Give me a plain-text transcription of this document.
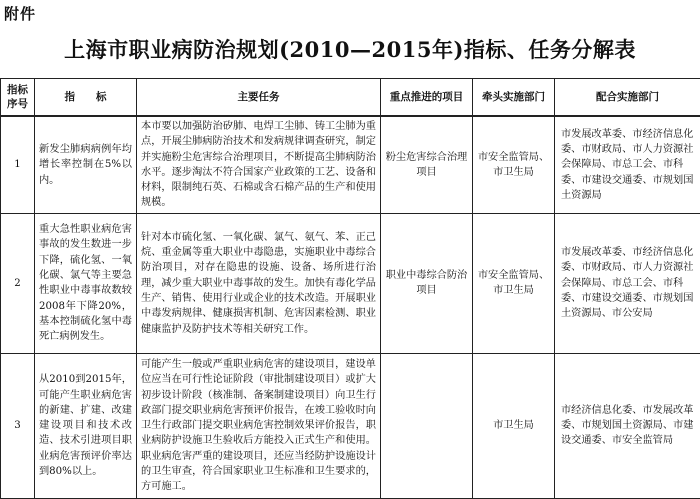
附件
上海市职业病防治规划(2010—2015年)指标、任务分解表
指标
序号	指　　标	主要任务	重点推进的项目	牵头实施部门	配合实施部门
1	新发尘肺病病例年均增长率控制在5%以内。	本市要以加强防治矽肺、电焊工尘肺、铸工尘肺为重点，开展尘肺病防治技术和发病规律调查研究，制定并实施粉尘危害综合治理项目，不断提高尘肺病防治水平。逐步淘汰不符合国家产业政策的工艺、设备和材料，限制纯石英、石棉或含石棉产品的生产和使用规模。	粉尘危害综合治理项目	市安全监管局、市卫生局	市发展改革委、市经济信息化委、市财政局、市人力资源社会保障局、市总工会、市科委、市建设交通委、市规划国土资源局
2	重大急性职业病危害事故的发生数进一步下降，硫化氢、一氧化碳、氯气等主要急性职业中毒事故数较2008年下降20%，基本控制硫化氢中毒死亡病例发生。	针对本市硫化氢、一氧化碳、氯气、氨气、苯、正己烷、重金属等重大职业中毒隐患，实施职业中毒综合防治项目，对存在隐患的设施、设备、场所进行治理，减少重大职业中毒事故的发生。加快有毒化学品生产、销售、使用行业或企业的技术改造。开展职业中毒发病规律、健康损害机制、危害因素检测、职业健康监护及防护技术等相关研究工作。	职业中毒综合防治项目	市安全监管局、市卫生局	市发展改革委、市经济信息化委、市财政局、市人力资源社会保障局、市总工会、市科委、市建设交通委、市规划国土资源局、市公安局
3	从2010到2015年，可能产生职业病危害的新建、扩建、改建建设项目和技术改造、技术引进项目职业病危害预评价率达到80%以上。	可能产生一般或严重职业病危害的建设项目，建设单位应当在可行性论证阶段（审批制建设项目）或扩大初步设计阶段（核准制、备案制建设项目）向卫生行政部门提交职业病危害预评价报告，在竣工验收时向卫生行政部门提交职业病危害控制效果评价报告，职业病防护设施卫生验收后方能投入正式生产和使用。职业病危害严重的建设项目，还应当经防护设施设计的卫生审查，符合国家职业卫生标准和卫生要求的，方可施工。		市卫生局	市经济信息化委、市发展改革委、市规划国土资源局、市建设交通委、市安全监管局
